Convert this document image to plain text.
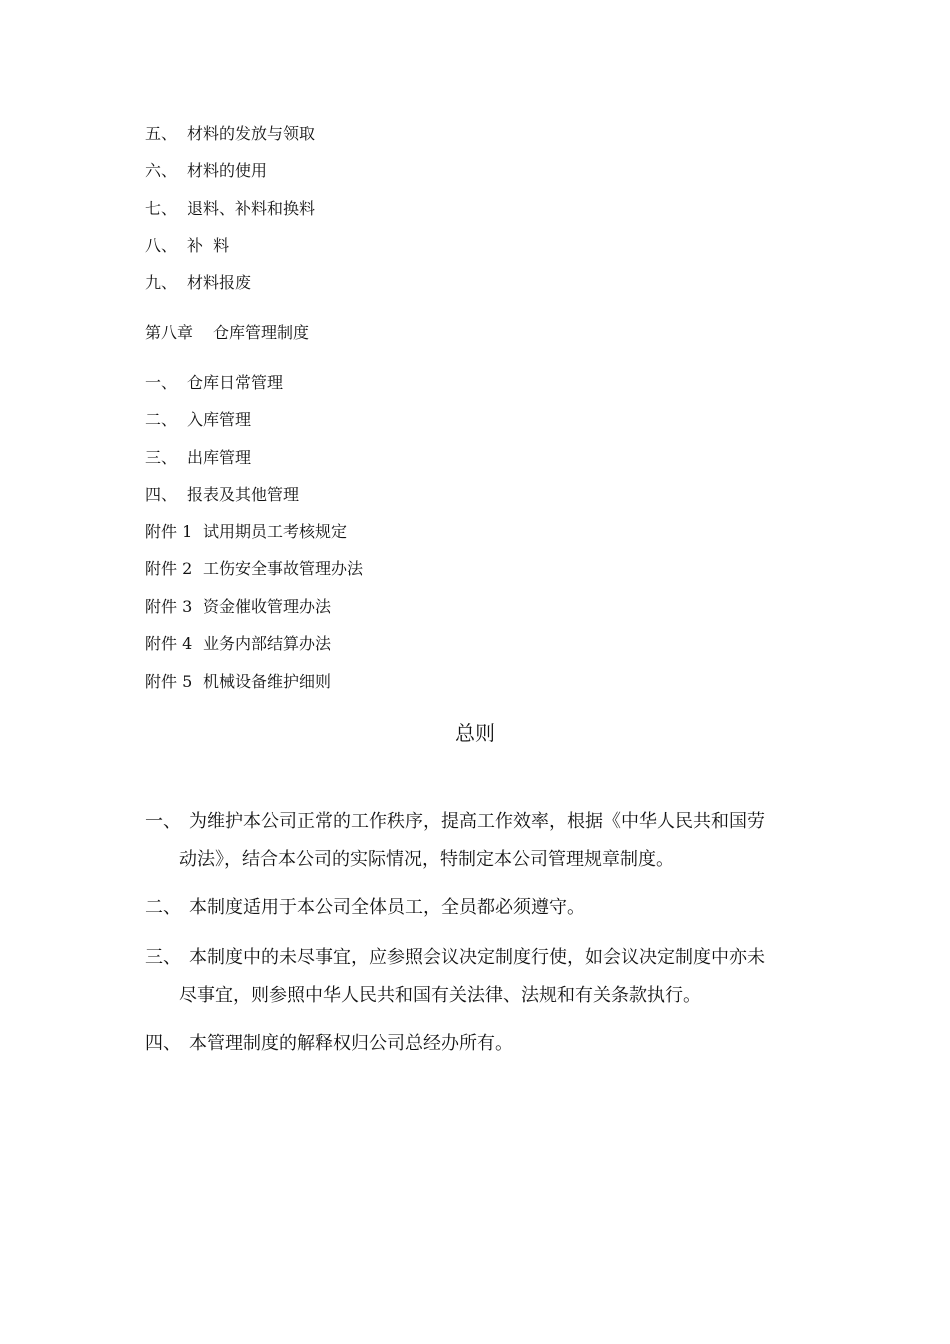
五、 材料的发放与领取
六、 材料的使用
七、 退料、补料和换料
八、 补  料
九、 材料报废
第八章 仓库管理制度
一、 仓库日常管理
二、 入库管理
三、 出库管理
四、 报表及其他管理
附件 1 试用期员工考核规定
附件 2 工伤安全事故管理办法
附件 3 资金催收管理办法
附件 4 业务内部结算办法
附件 5 机械设备维护细则
总则
一、 为维护本公司正常的工作秩序，提高工作效率，根据《中华人民共和国劳
动法》，结合本公司的实际情况，特制定本公司管理规章制度。
二、 本制度适用于本公司全体员工，全员都必须遵守。
三、 本制度中的未尽事宜，应参照会议决定制度行使，如会议决定制度中亦未
尽事宜，则参照中华人民共和国有关法律、法规和有关条款执行。
四、 本管理制度的解释权归公司总经办所有。
